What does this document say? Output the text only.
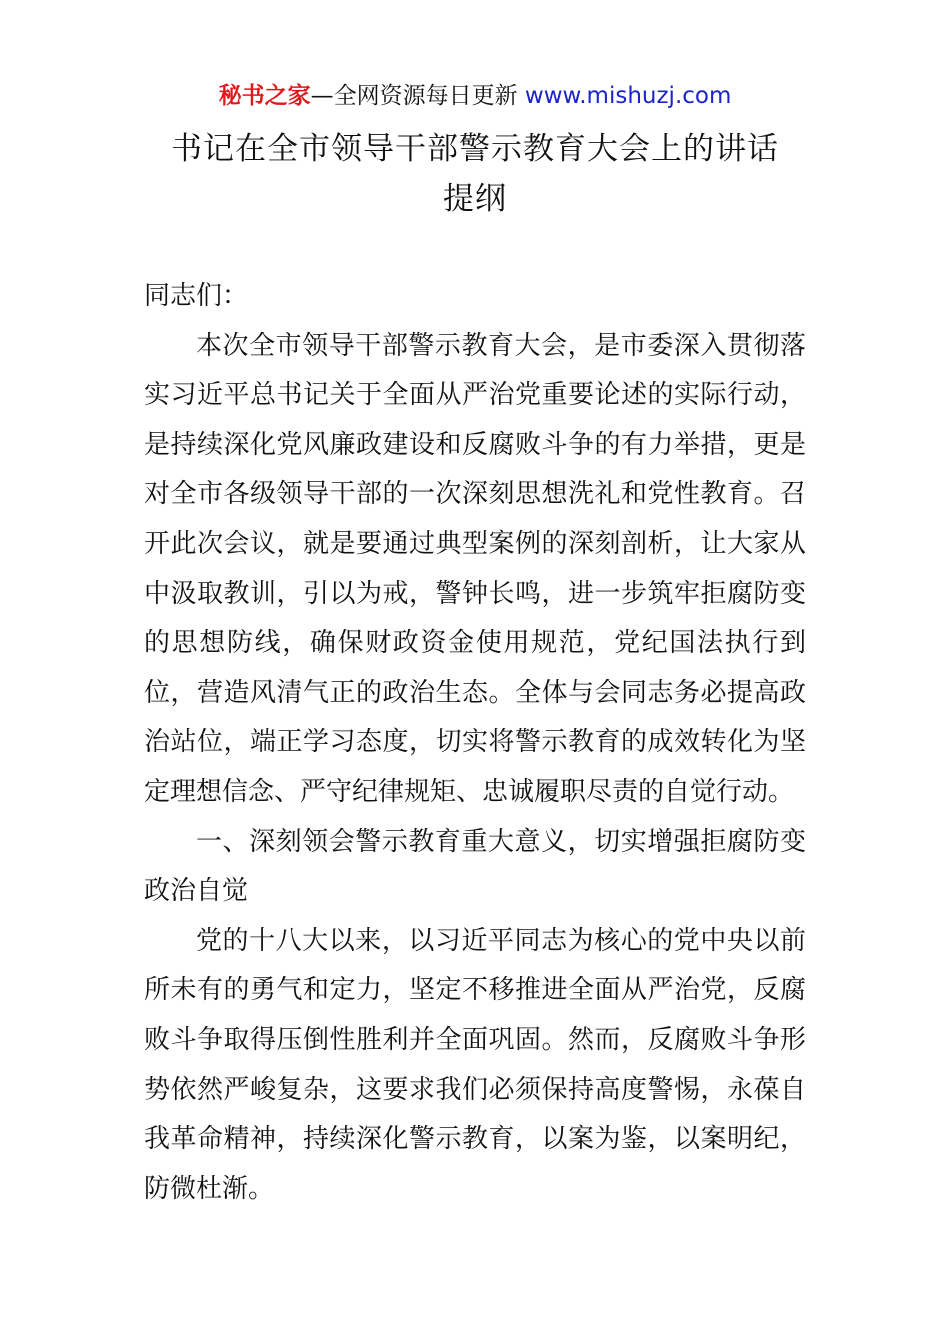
秘书之家—全网资源每日更新 www.mishuzj.com
书记在全市领导干部警示教育大会上的讲话
提纲

同志们：

本次全市领导干部警示教育大会，是市委深入贯彻落实习近平总书记关于全面从严治党重要论述的实际行动，是持续深化党风廉政建设和反腐败斗争的有力举措，更是对全市各级领导干部的一次深刻思想洗礼和党性教育。召开此次会议，就是要通过典型案例的深刻剖析，让大家从中汲取教训，引以为戒，警钟长鸣，进一步筑牢拒腐防变的思想防线，确保财政资金使用规范，党纪国法执行到位，营造风清气正的政治生态。全体与会同志务必提高政治站位，端正学习态度，切实将警示教育的成效转化为坚定理想信念、严守纪律规矩、忠诚履职尽责的自觉行动。

一、深刻领会警示教育重大意义，切实增强拒腐防变政治自觉

党的十八大以来，以习近平同志为核心的党中央以前所未有的勇气和定力，坚定不移推进全面从严治党，反腐败斗争取得压倒性胜利并全面巩固。然而，反腐败斗争形势依然严峻复杂，这要求我们必须保持高度警惕，永葆自我革命精神，持续深化警示教育，以案为鉴，以案明纪，防微杜渐。
